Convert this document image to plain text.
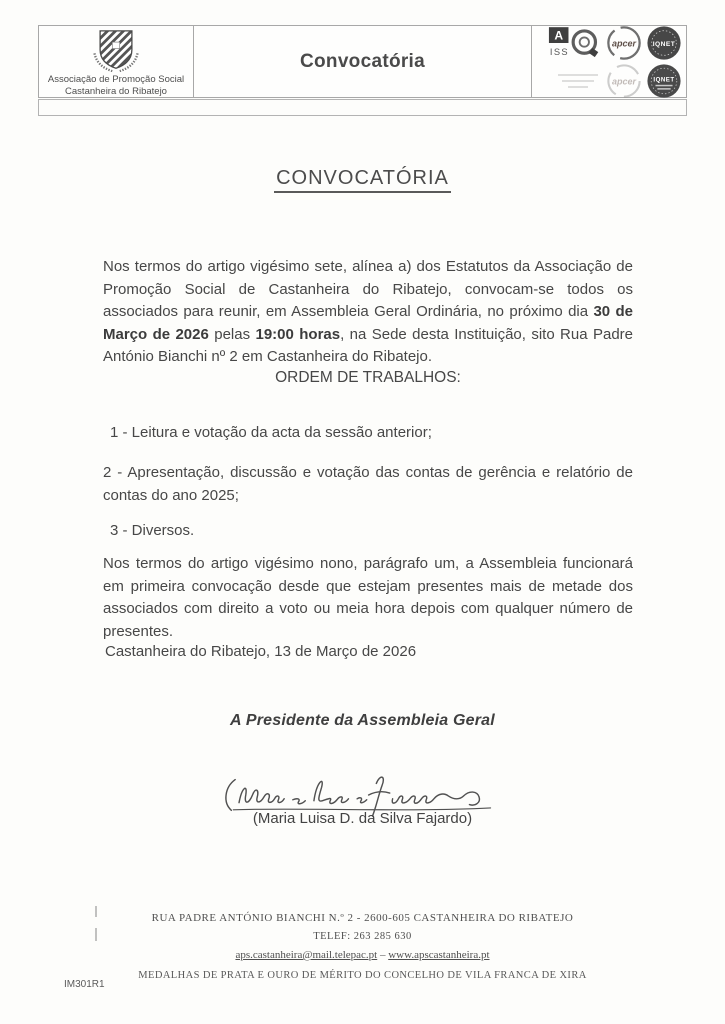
Associação de Promoção Social
Castanheira do Ribatejo
Convocatória
A
ISS
apcer IQNET
apcer	IQNET
CONVOCATÓRIA

Nos termos do artigo vigésimo sete, alínea a) dos Estatutos da Associação de Promoção Social de Castanheira do Ribatejo, convocam-se todos os associados para reunir, em Assembleia Geral Ordinária, no próximo dia 30 de Março de 2026 pelas 19:00 horas, na Sede desta Instituição, sito Rua Padre António Bianchi nº 2 em Castanheira do Ribatejo.

ORDEM DE TRABALHOS:

1 - Leitura e votação da acta da sessão anterior;

2 - Apresentação, discussão e votação das contas de gerência e relatório de contas do ano 2025;

3 - Diversos.

Nos termos do artigo vigésimo nono, parágrafo um, a Assembleia funcionará em primeira convocação desde que estejam presentes mais de metade dos associados com direito a voto ou meia hora depois com qualquer número de presentes.

Castanheira do Ribatejo, 13 de Março de 2026
A Presidente da Assembleia Geral
(Maria Luisa D. da Silva Fajardo)
RUA PADRE ANTÓNIO BIANCHI N.º 2 - 2600-605 CASTANHEIRA DO RIBATEJO
TELEF: 263 285 630
aps.castanheira@mail.telepac.pt – www.apscastanheira.pt
MEDALHAS DE PRATA E OURO DE MÉRITO DO CONCELHO DE VILA FRANCA DE XIRA
IM301R1
